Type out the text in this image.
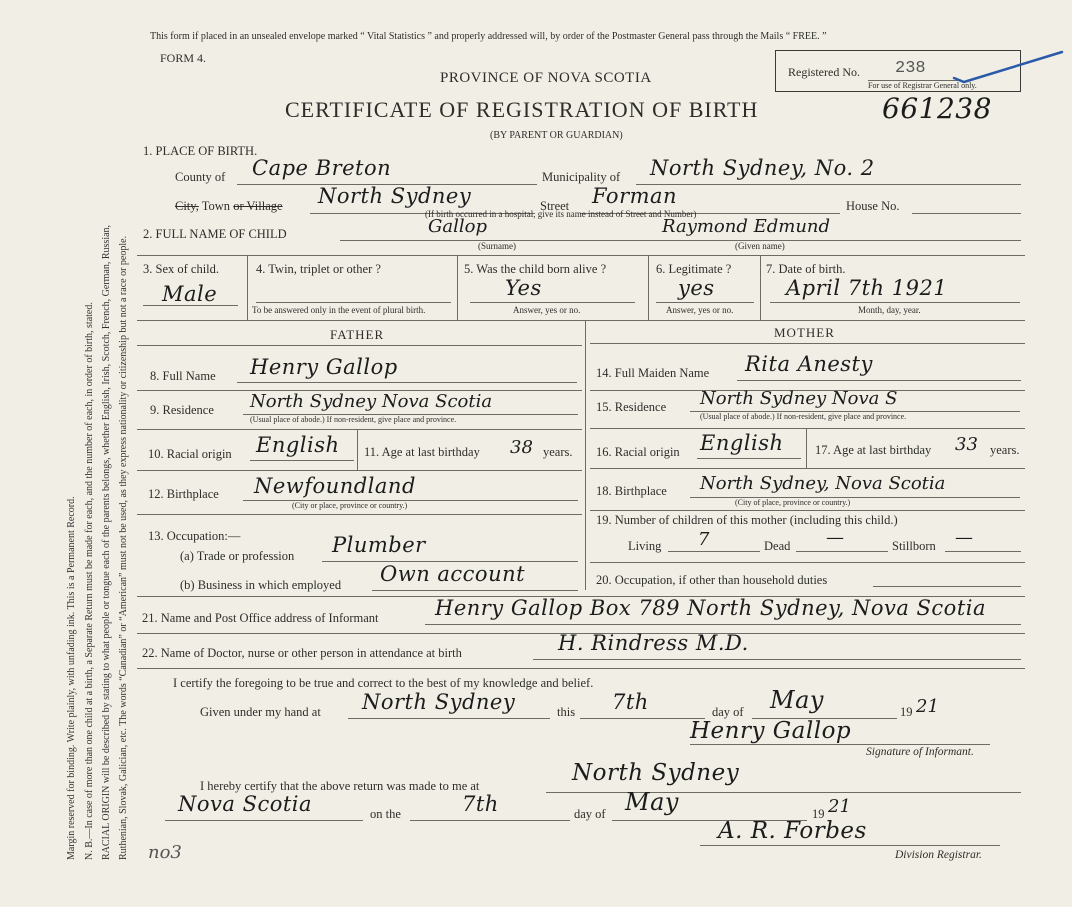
Margin reserved for binding. Write plainly, with unfading ink. This is a Permanent Record. N. B.—In case of more than one child at a birth, a Separate Return must be made for each, and the number of each, in order of birth, stated. RACIAL ORIGIN will be described by stating to what people or tongue each of the parents belongs, whether English, Irish, Scotch, French, German, Russian, Ruthenian, Slovak, Galician, etc. The words “Canadian” or “American” must not be used, as they express nationality or citizenship but not a race or people. no3
This form if placed in an unsealed envelope marked “ Vital Statistics ” and properly addressed will, by order of the Postmaster General pass through the Mails “ FREE. ”
FORM 4.
PROVINCE OF NOVA SCOTIA
CERTIFICATE OF REGISTRATION OF BIRTH	661238
(BY PARENT OR GUARDIAN)
Registered No. 238
For use of Registrar General only.
1. PLACE OF BIRTH.
County of Cape Breton	Municipality of North Sydney, No. 2
City, Town or Village North Sydney	Street Forman	House No.
(If birth occurred in a hospital, give its name instead of Street and Number)
2. FULL NAME OF CHILD	Gallop
(Surname)
Raymond Edmund
(Given name)
3. Sex of child.
Male
4. Twin, triplet or other ?
To be answered only in the event of plural birth.
5. Was the child born alive ?
Yes
Answer, yes or no.
6. Legitimate ?
yes
Answer, yes or no.
7. Date of birth.
April 7th 1921
Month, day, year.
FATHER	MOTHER
8. Full Name Henry Gallop
9. Residence North Sydney Nova Scotia
(Usual place of abode.) If non-resident, give place and province.
10. Racial origin English 11. Age at last birthday 38 years.
12. Birthplace Newfoundland
(City or place, province or country.)
13. Occupation:—
(a) Trade or profession Plumber
(b) Business in which employed Own account
14. Full Maiden Name Rita Anesty
15. Residence North Sydney Nova S
(Usual place of abode.) If non-resident, give place and province.
16. Racial origin English	17. Age at last birthday 33 years.
18. Birthplace North Sydney, Nova Scotia
(City of place, province or country.)
19. Number of children of this mother (including this child.)
Living 7	Dead —	Stillborn —
20. Occupation, if other than household duties
21. Name and Post Office address of Informant	Henry Gallop Box 789 North Sydney, Nova Scotia
22. Name of Doctor, nurse or other person in attendance at birth	H. Rindress M.D.
I certify the foregoing to be true and correct to the best of my knowledge and belief.
Given under my hand at North Sydney	this 7th	day of May	19 21
Henry Gallop
Signature of Informant.
I hereby certify that the above return was made to me at	North Sydney
Nova Scotia	on the	7th	day of May	19 21
A. R. Forbes
Division Registrar.
